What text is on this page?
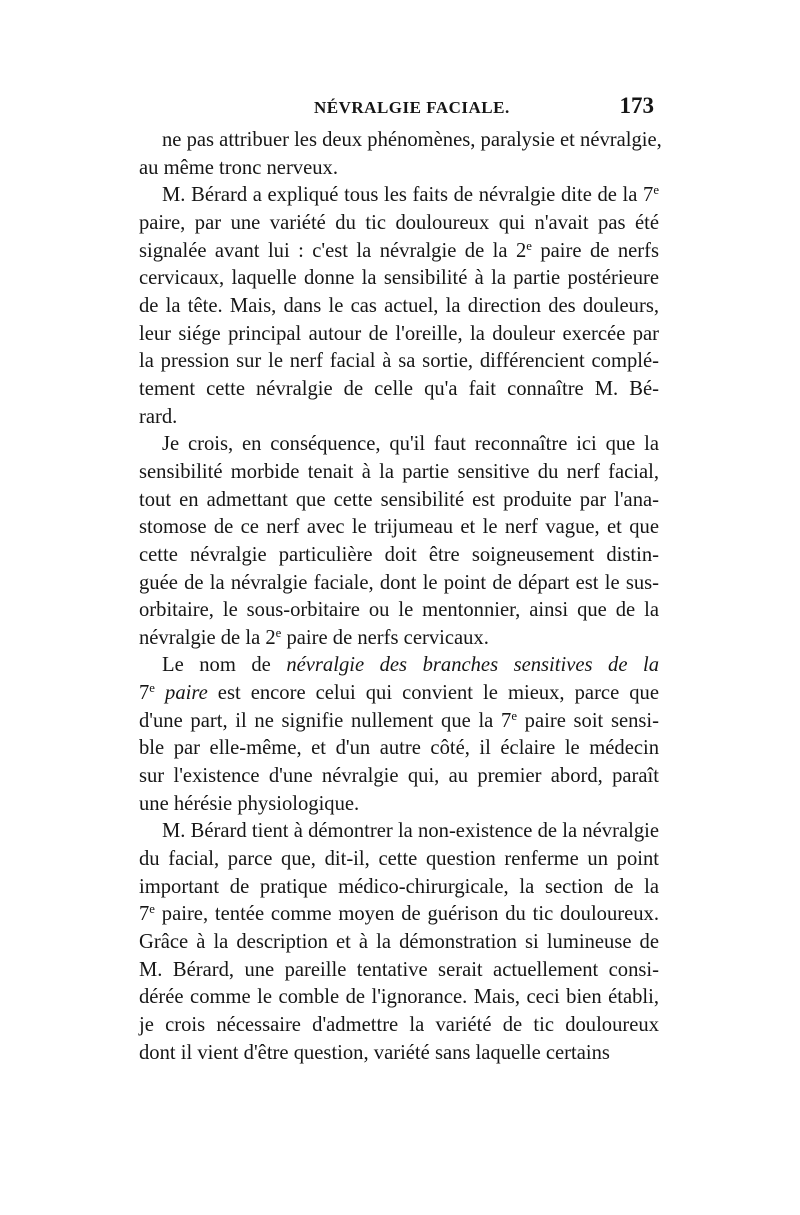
NÉVRALGIE FACIALE.	173
ne pas attribuer les deux phénomènes, paralysie et névralgie,
au même tronc nerveux.
M. Bérard a expliqué tous les faits de névralgie dite de la 7e
paire, par une variété du tic douloureux qui n'avait pas été
signalée avant lui : c'est la névralgie de la 2e paire de nerfs
cervicaux, laquelle donne la sensibilité à la partie postérieure
de la tête. Mais, dans le cas actuel, la direction des douleurs,
leur siége principal autour de l'oreille, la douleur exercée par
la pression sur le nerf facial à sa sortie, différencient complé-
tement cette névralgie de celle qu'a fait connaître M. Bé-
rard.
Je crois, en conséquence, qu'il faut reconnaître ici que la
sensibilité morbide tenait à la partie sensitive du nerf facial,
tout en admettant que cette sensibilité est produite par l'ana-
stomose de ce nerf avec le trijumeau et le nerf vague, et que
cette névralgie particulière doit être soigneusement distin-
guée de la névralgie faciale, dont le point de départ est le sus-
orbitaire, le sous-orbitaire ou le mentonnier, ainsi que de la
névralgie de la 2e paire de nerfs cervicaux.
Le nom de névralgie des branches sensitives de la
7e paire est encore celui qui convient le mieux, parce que
d'une part, il ne signifie nullement que la 7e paire soit sensi-
ble par elle-même, et d'un autre côté, il éclaire le médecin
sur l'existence d'une névralgie qui, au premier abord, paraît
une hérésie physiologique.
M. Bérard tient à démontrer la non-existence de la névralgie
du facial, parce que, dit-il, cette question renferme un point
important de pratique médico-chirurgicale, la section de la
7e paire, tentée comme moyen de guérison du tic douloureux.
Grâce à la description et à la démonstration si lumineuse de
M. Bérard, une pareille tentative serait actuellement consi-
dérée comme le comble de l'ignorance. Mais, ceci bien établi,
je crois nécessaire d'admettre la variété de tic douloureux
dont il vient d'être question, variété sans laquelle certains
